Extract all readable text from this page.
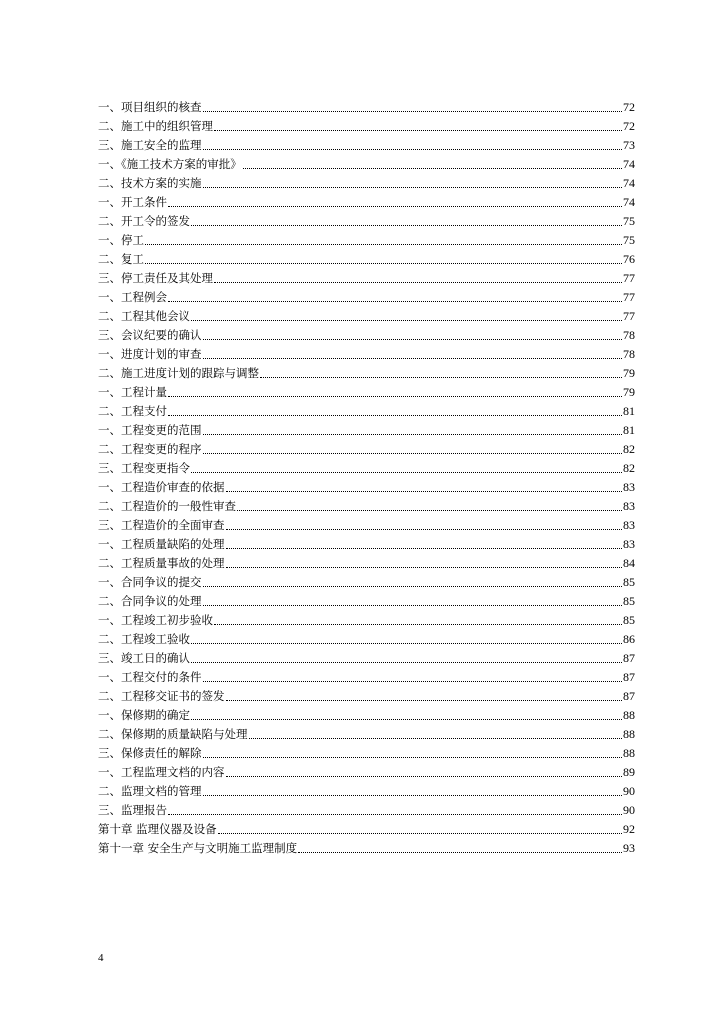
一、项目组织的核查	72
二、施工中的组织管理	72
三、施工安全的监理	73
一、《施工技术方案的审批》	74
二、技术方案的实施	74
一、开工条件	74
二、开工令的签发	75
一、停工	75
二、复工	76
三、停工责任及其处理	77
一、工程例会	77
二、工程其他会议	77
三、会议纪要的确认	78
一、进度计划的审查	78
二、施工进度计划的跟踪与调整	79
一、工程计量	79
二、工程支付	81
一、工程变更的范围	81
二、工程变更的程序	82
三、工程变更指令	82
一、工程造价审查的依据	83
二、工程造价的一般性审查	83
三、工程造价的全面审查	83
一、工程质量缺陷的处理	83
二、工程质量事故的处理	84
一、合同争议的提交	85
二、合同争议的处理	85
一、工程竣工初步验收	85
二、工程竣工验收	86
三、竣工日的确认	87
一、工程交付的条件	87
二、工程移交证书的签发	87
一、保修期的确定	88
二、保修期的质量缺陷与处理	88
三、保修责任的解除	88
一、工程监理文档的内容	89
二、监理文档的管理	90
三、监理报告	90
第十章 监理仪器及设备	92
第十一章 安全生产与文明施工监理制度	93
4
